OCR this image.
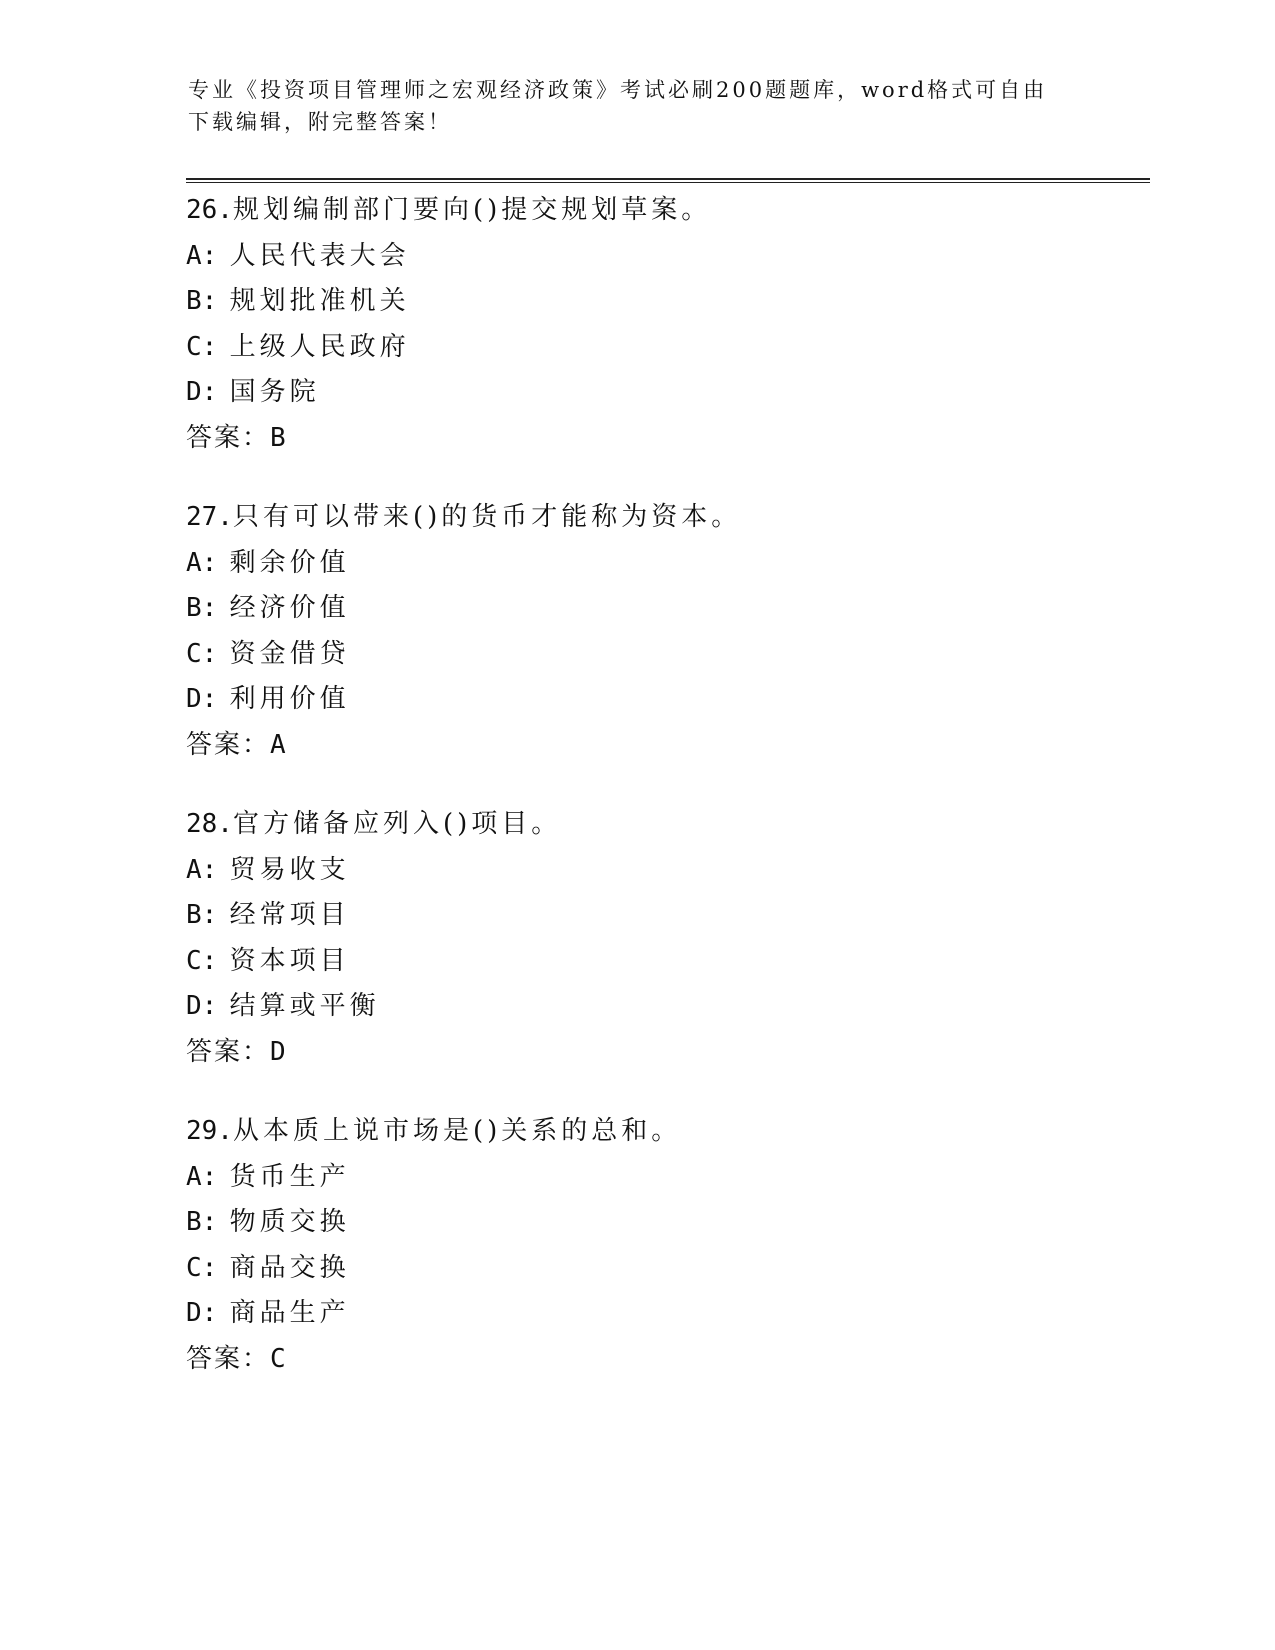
专业《投资项目管理师之宏观经济政策》考试必刷200题题库，word格式可自由
下载编辑，附完整答案！
26.规划编制部门要向()提交规划草案。
A: 人民代表大会
B: 规划批准机关
C: 上级人民政府
D: 国务院
答案：B
27.只有可以带来()的货币才能称为资本。
A: 剩余价值
B: 经济价值
C: 资金借贷
D: 利用价值
答案：A
28.官方储备应列入()项目。
A: 贸易收支
B: 经常项目
C: 资本项目
D: 结算或平衡
答案：D
29.从本质上说市场是()关系的总和。
A: 货币生产
B: 物质交换
C: 商品交换
D: 商品生产
答案：C
